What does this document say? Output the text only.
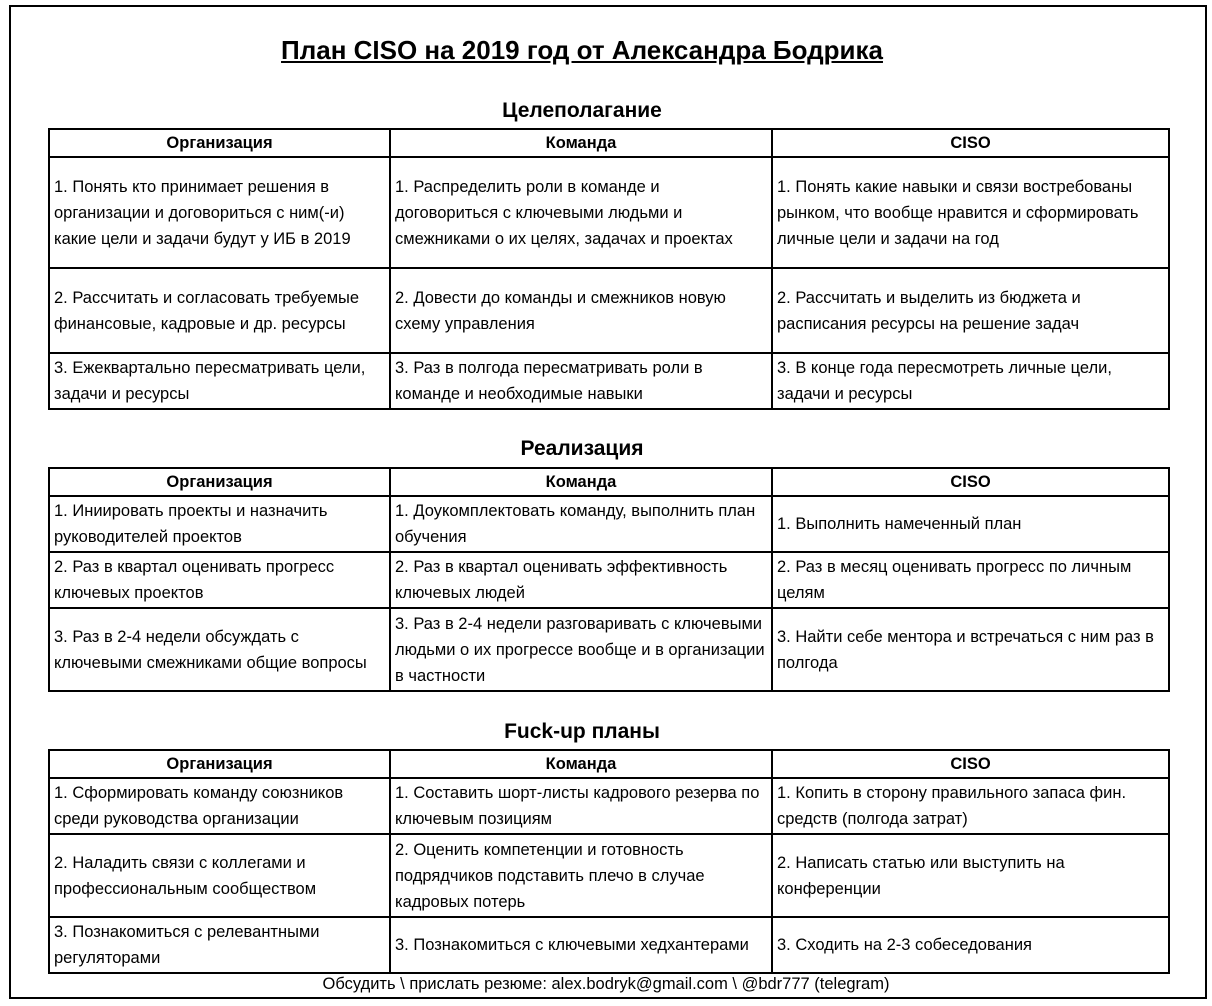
План CISO на 2019 год от Александра Бодрика
Целеполагание
Организация	Команда	CISO
1. Понять кто принимает решения в организации и договориться с ним(-и) какие цели и задачи будут у ИБ в 2019	1. Распределить роли в команде и договориться с ключевыми людьми и смежниками о их целях, задачах и проектах	1. Понять какие навыки и связи востребованы рынком, что вообще нравится и сформировать личные цели и задачи на год
2. Рассчитать и согласовать требуемые финансовые, кадровые и др. ресурсы	2. Довести до команды и смежников новую схему управления	2. Рассчитать и выделить из бюджета и расписания ресурсы на решение задач
3. Ежеквартально пересматривать цели, задачи и ресурсы	3. Раз в полгода пересматривать роли в команде и необходимые навыки	3. В конце года пересмотреть личные цели, задачи и ресурсы
Реализация
Организация	Команда	CISO
1. Иниировать проекты и назначить руководителей проектов	1. Доукомплектовать команду, выполнить план обучения	1. Выполнить намеченный план
2. Раз в квартал оценивать прогресс ключевых проектов	2. Раз в квартал оценивать эффективность ключевых людей	2. Раз в месяц оценивать прогресс по личным целям
3. Раз в 2-4 недели обсуждать с ключевыми смежниками общие вопросы	3. Раз в 2-4 недели разговаривать с ключевыми людьми о их прогрессе вообще и в организации в частности	3. Найти себе ментора и встречаться с ним раз в полгода
Fuck-up планы
Организация	Команда	CISO
1. Сформировать команду союзников среди руководства организации	1. Составить шорт-листы кадрового резерва по ключевым позициям	1. Копить в сторону правильного запаса фин. средств (полгода затрат)
2. Наладить связи с коллегами и профессиональным сообществом	2. Оценить компетенции и готовность подрядчиков подставить плечо в случае кадровых потерь	2. Написать статью или выступить на конференции
3. Познакомиться с релевантными регуляторами	3. Познакомиться с ключевыми хедхантерами	3. Сходить на 2-3 собеседования
Обсудить \ прислать резюме: alex.bodryk@gmail.com \ @bdr777 (telegram)
